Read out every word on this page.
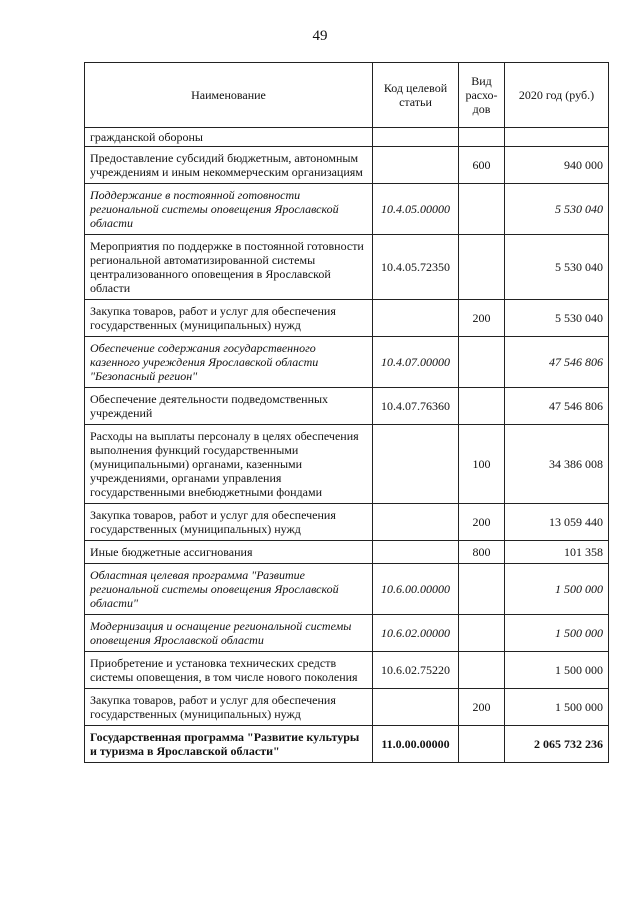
49
Наименование	Код целевой статьи	Вид расхо-дов	2020 год (руб.)
гражданской обороны			
Предоставление субсидий бюджетным, автономным учреждениям и иным некоммерческим организациям		600	940 000
Поддержание в постоянной готовности региональной системы оповещения Ярославской области	10.4.05.00000		5 530 040
Мероприятия по поддержке в постоянной готовности региональной автоматизированной системы централизованного оповещения в Ярославской области	10.4.05.72350		5 530 040
Закупка товаров, работ и услуг для обеспечения государственных (муниципальных) нужд		200	5 530 040
Обеспечение содержания государственного казенного учреждения Ярославской области "Безопасный регион"	10.4.07.00000		47 546 806
Обеспечение деятельности подведомственных учреждений	10.4.07.76360		47 546 806
Расходы на выплаты персоналу в целях обеспечения выполнения функций государственными (муниципальными) органами, казенными учреждениями, органами управления государственными внебюджетными фондами		100	34 386 008
Закупка товаров, работ и услуг для обеспечения государственных (муниципальных) нужд		200	13 059 440
Иные бюджетные ассигнования		800	101 358
Областная целевая программа "Развитие региональной системы оповещения Ярославской области"	10.6.00.00000		1 500 000
Модернизация и оснащение региональной системы оповещения Ярославской области	10.6.02.00000		1 500 000
Приобретение и установка технических средств системы оповещения, в том числе нового поколения	10.6.02.75220		1 500 000
Закупка товаров, работ и услуг для обеспечения государственных (муниципальных) нужд		200	1 500 000
Государственная программа "Развитие культуры и туризма в Ярославской области"	11.0.00.00000		2 065 732 236
